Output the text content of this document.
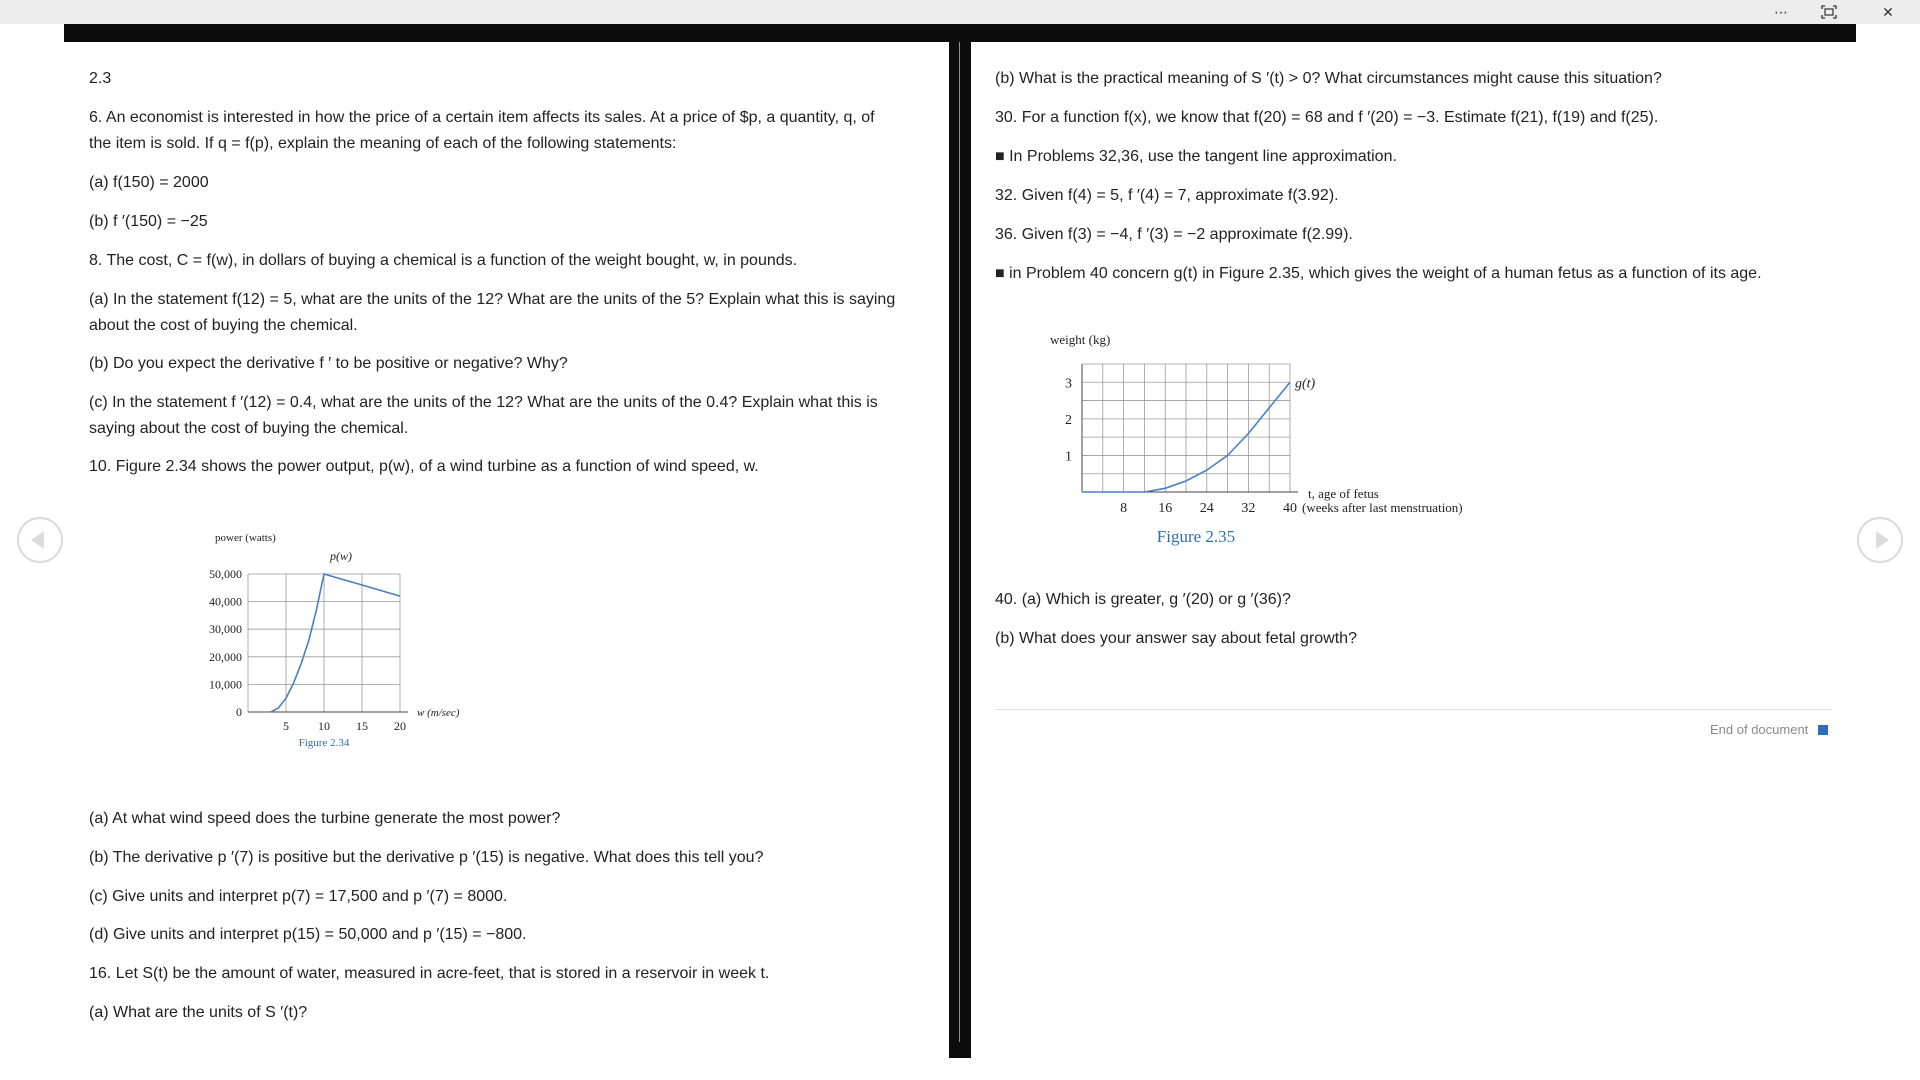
⋯	✕
2.3
6. An economist is interested in how the price of a certain item affects its sales. At a price of $p, a quantity, q, of
the item is sold. If q = f(p), explain the meaning of each of the following statements:
(a) f(150) = 2000
(b) f ′(150) = −25
8. The cost, C = f(w), in dollars of buying a chemical is a function of the weight bought, w, in pounds.
(a) In the statement f(12) = 5, what are the units of the 12? What are the units of the 5? Explain what this is saying
about the cost of buying the chemical.
(b) Do you expect the derivative f ′ to be positive or negative? Why?
(c) In the statement f ′(12) = 0.4, what are the units of the 12? What are the units of the 0.4? Explain what this is
saying about the cost of buying the chemical.
10. Figure 2.34 shows the power output, p(w), of a wind turbine as a function of wind speed, w.
(a) At what wind speed does the turbine generate the most power?
(b) The derivative p ′(7) is positive but the derivative p ′(15) is negative. What does this tell you?
(c) Give units and interpret p(7) = 17,500 and p ′(7) = 8000.
(d) Give units and interpret p(15) = 50,000 and p ′(15) = −800.
16. Let S(t) be the amount of water, measured in acre-feet, that is stored in a reservoir in week t.
(a) What are the units of S ′(t)?
power (watts)
p(w)
0
10,000
20,000
30,000
40,000
50,000
5 10 15 20
w (m/sec)
Figure 2.34
(b) What is the practical meaning of S ′(t) > 0? What circumstances might cause this situation?
30. For a function f(x), we know that f(20) = 68 and f ′(20) = −3. Estimate f(21), f(19) and f(25).
■ In Problems 32,36, use the tangent line approximation.
32. Given f(4) = 5, f ′(4) = 7, approximate f(3.92).
36. Given f(3) = −4, f ′(3) = −2 approximate f(2.99).
■ in Problem 40 concern g(t) in Figure 2.35, which gives the weight of a human fetus as a function of its age.
40. (a) Which is greater, g ′(20) or g ′(36)?
(b) What does your answer say about fetal growth?
weight (kg)
g(t)
1
2
3
8 16 24 32 40
t, age of fetus
(weeks after last menstruation)
Figure 2.35
End of document
